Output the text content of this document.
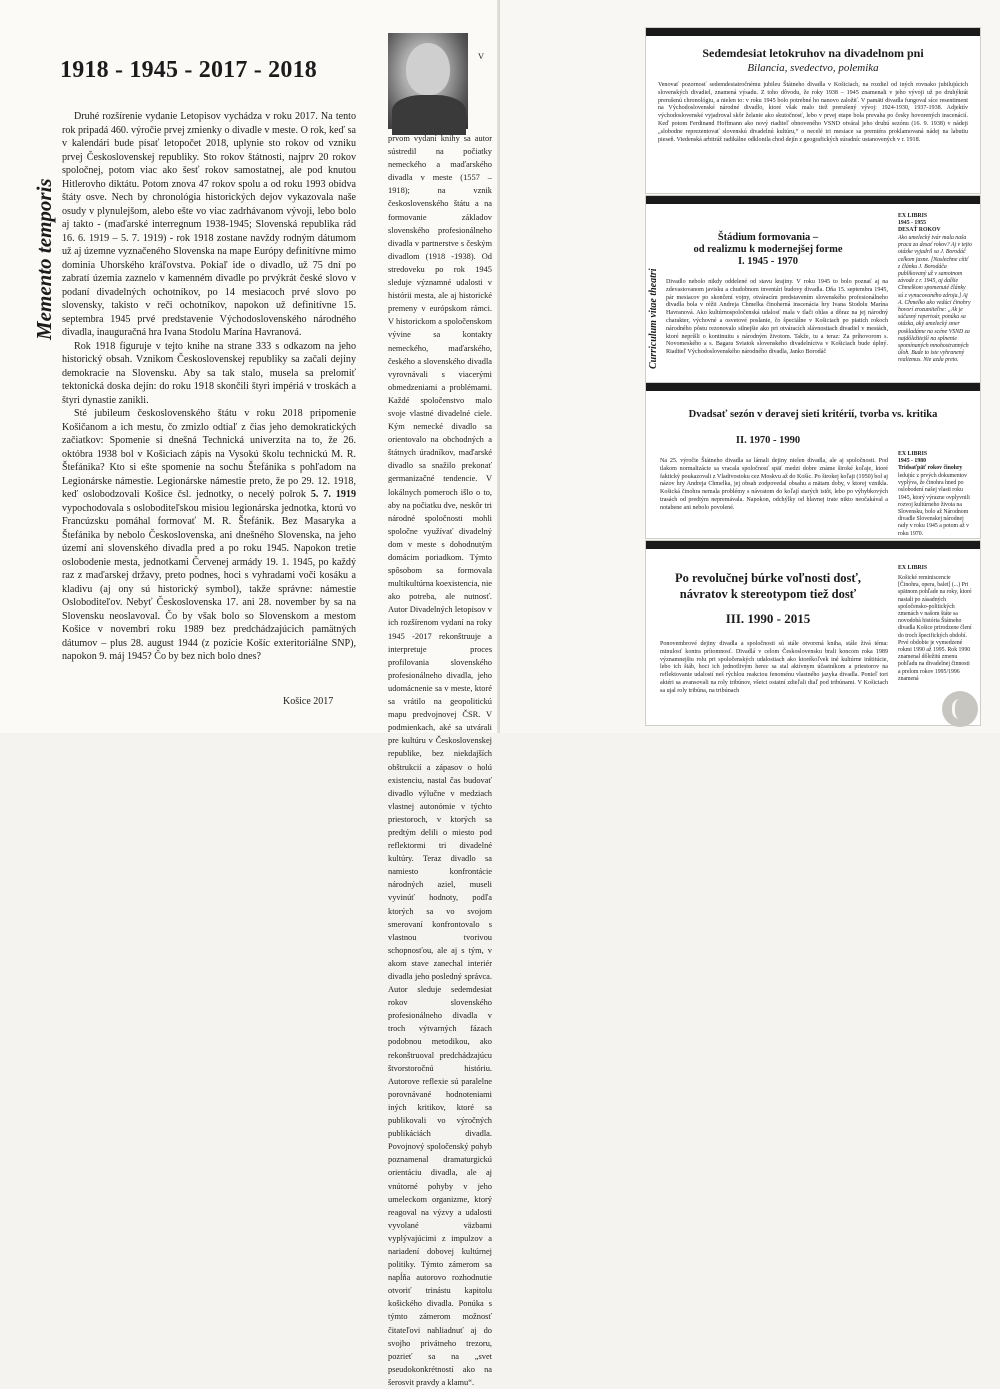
1918 - 1945 - 2017 - 2018
Memento temporis

Druhé rozšírenie vydanie Letopisov vychádza v roku 2017. Na tento rok pripadá 460. výročie prvej zmienky o divadle v meste. O rok, keď sa v kalendári bude písať letopočet 2018, uplynie sto rokov od vzniku prvej Československej republiky. Sto rokov štátnosti, najprv 20 rokov spoločnej, potom viac ako šesť rokov samostatnej, ale pod knutou Hitlerovho diktátu. Potom znova 47 rokov spolu a od roku 1993 obidva štáty osve. Nech by chronológia historických dejov vykazovala naše osudy v plynulejšom, alebo ešte vo viac zadrhávanom vývoji, lebo bolo aj takto - (maďarské interregnum 1938-1945; Slovenská republika rád 16. 6. 1919 – 5. 7. 1919) - rok 1918 zostane navždy rodným dátumom už aj územne vyznačeného Slovenska na mape Európy definitívne mimo dominia Uhorského kráľovstva. Pokiaľ ide o divadlo, už 75 dní po zabratí územia zaznelo v kamenném divadle po prvýkrát české slovo v podaní divadelných ochotníkov, po 14 mesiacoch prvé slovo po slovensky, takisto v reči ochotníkov, napokon už definitívne 15. septembra 1945 prvé predstavenie Východoslovenského národného divadla, inauguračná hra Ivana Stodolu Marína Havranová.

Rok 1918 figuruje v tejto knihe na strane 333 s odkazom na jeho historický obsah. Vznikom Československej republiky sa začali dejiny demokracie na Slovensku. Aby sa tak stalo, musela sa prelomiť tektonická doska dejín: do roku 1918 skončili štyri impériá v troskách a štyri dynastie zanikli.

Sté jubileum československého štátu v roku 2018 pripomenie Košičanom a ich mestu, čo zmizlo odtiaľ z čias jeho demokratických začiatkov: Spomenie si dnešná Technická univerzita na to, že 26. októbra 1938 bol v Košiciach zápis na Vysokú školu technickú M. R. Štefánika? Kto si ešte spomenie na sochu Štefánika s pohľadom na Legionárske námestie. Legionárske námestie preto, že po 29. 12. 1918, keď oslobodzovali Košice čsl. jednotky, o necelý polrok 5. 7. 1919 vypochodovala s osloboditeľskou misiou legionárska jednotka, ktorú vo Francúzsku pomáhal formovať M. R. Štefánik. Bez Masaryka a Štefánika by nebolo Československa, ani dnešného Slovenska, na jeho území ani slovenského divadla pred a po roku 1945. Napokon tretie oslobodenie mesta, jednotkami Červenej armády 19. 1. 1945, po každý raz z maďarskej državy, preto podnes, hoci s vyhradami voči kosáku a kladivu (aj ony sú historický symbol), takže správne: námestie Osloboditeľov. Nebyť Československa 17. ani 28. november by sa na Slovensku neoslavoval. Čo by však bolo so Slovenskom a mestom Košice v novembri roku 1989 bez predchádzajúcich pamätných dátumov – plus 28. august 1944 (z pozície Košíc exteritoriálne SNP), napokon 9. máj 1945? Čo by bez nich bolo dnes?

Košice 2017
V prvom vydaní knihy sa autor sústredil na počiatky nemeckého a maďarského divadla v meste (1557 – 1918); na vznik československého štátu a na formovanie základov slovenského profesionálneho divadla v partnerstve s českým divadlom (1918 -1938). Od stredoveku po rok 1945 sleduje významné udalosti v histórii mesta, ale aj historické premeny v európskom rámci. V historickom a spoločenskom vývine sa kontakty nemeckého, maďarského, českého a slovenského divadla vyrovnávali s viacerými obmedzeniami a problémami. Každé spoločenstvo malo svoje vlastné divadelné ciele. Kým nemecké divadlo sa orientovalo na obchodných a štátnych úradníkov, maďarské divadlo sa snažilo prekonať germanizačné tendencie. V lokálnych pomeroch išlo o to, aby na počiatku dve, neskôr tri národné spoločnosti mohli spoločne využívať divadelný dom v meste s dohodnutým domácim poriadkom. Týmto spôsobom sa formovala multikultúrna koexistencia, nie ako potreba, ale nutnosť. Autor Divadelných letopisov v ich rozšírenom vydaní na roky 1945 -2017 rekonštruuje a interpretuje proces profilovania slovenského profesionálneho divadla, jeho udomácnenie sa v meste, ktoré sa vrátilo na geopolitickú mapu predvojnovej ČSR. V podmienkach, aké sa utvárali pre kultúru v Československej republike, bez niekdajších obštrukcií a zápasov o holú existenciu, nastal čas budovať divadlo výlučne v medziach vlastnej autonómie v týchto priestoroch, v ktorých sa predtým delili o miesto pod reflektormi tri divadelné kultúry. Teraz divadlo sa namiesto konfrontácie národných aziel, museli vyvinúť hodnoty, podľa ktorých sa vo svojom smerovaní konfrontovalo s vlastnou tvorivou schopnosťou, ale aj s tým, v akom stave zanechal interiér divadla jeho posledný správca. Autor sleduje sedemdesiat rokov slovenského profesionálneho divadla v troch výtvarných fázach podobnou metodikou, ako rekonštruoval predchádzajúcu štvorstoročnú históriu. Autorove reflexie sú paralelne porovnávané hodnoteniami iných kritikov, ktoré sa publikovali vo výročných publikáciách divadla. Povojnový spoločenský pohyb poznamenal dramaturgickú orientáciu divadla, ale aj vnútorné pohyby v jeho umeleckom organizme, ktorý reagoval na výzvy a udalosti vyvolané väzbami vyplývajúcimi z impulzov a nariadení dobovej kultúrnej politiky. Týmto zámerom sa napĺňa autorovo rozhodnutie otvoriť trinástu kapitolu košického divadla. Ponúka s týmto zámerom možnosť čitateľovi nahliadnuť aj do svojho privátneho trezoru, pozrieť sa na „svet pseudokonkrétností ako na šerosvit pravdy a klamu“.
Sedemdesiat letokruhov na divadelnom pni
Bilancia, svedectvo, polemika
Venovať pozornosť sedemdesiatročnému jubileu Štátneho divadla v Košiciach, na rozdiel od iných rovnako jubilujúcich slovenských divadiel, znamená výsadu. Z toho dôvodu, že roky 1938 – 1945 znamenali v jeho vývoji už po druhýkrát prerušenú chronológiu, a nielen to: v roku 1945 bolo potrebné ho nanovo založiť. V pamäti divadla fungoval síce resentiment na Východoslovenské národné divadlo, ktoré však malo tiež prerušený vývoj: 1924-1930, 1937-1938. Adjektív východoslovenské vyjadroval skôr želanie ako skutočnosť, lebo v prvej etape bola prevaha po česky hovorených inscenácií. Keď potom Ferdinand Hoffmann ako nový riaditeľ obnoveného VSND otváral jeho druhú sezónu (16. 9. 1938) v nádeji „slobodne reprezentovať slovenskú divadelnú kultúru,“ o necelé tri mesiace sa premiéra proklamovaná nádej na labutiu pieseň. Viedenská arbitráž radikálne odklonila chod dejín z geografických súradníc ustanovených v r. 1918.
Štádium formovania –
od realizmu k modernejšej forme
I. 1945 - 1970
Curriculum vitae theatri Divadlo nebolo nikdy oddelené od stavu krajiny. V roku 1945 to bolo poznať aj na zdevastovanom javisku a chudobnom inventári budovy divadla. Dňa 15. septembra 1945, pár mesiacov po skončení vojny, otváracím predstavením slovenského profesionálneho divadla bola v réžii Andreja Chmelka činoherná inscenácia hry Ivana Stodolu Marína Havranová. Ako kultúrnospoločenská udalosť mala v tlači ohlas a dôraz na jej národný charakter, výchovné a osvetové poslanie, čo špeciálne v Košiciach po piatich rokoch národného pôstu rezonovalo silnejšie ako pri otváracích slávnostiach divadiel v mestách, ktoré nepríšli o kontinuitu s národným životom. Takže, tu a teraz: Za príhovorom s. Novomeského a s. Bagara Sviatok slovenského divadelníctva v Košiciach bude úplný. Riaditeľ Východoslovenského národného divadla, Janko Borodáč
EX LIBRIS
1945 - 1955
DESAŤ ROKOV
Ako umelecký tvár mala naša praca za desať rokov? Aj v tejto otázke vyjadril sa J. Borodáč celkom jasne. [Naslechne cítiť z článku J. Borodáča publikovaný už v samotnom závode z r. 1945, aj dalšie Chmelkom spomenuté články sú z vynucovaného zdroja.] Aj A. Chmelko ako vedúci činohry hovorí zrozumiteľne: „Ak je súčasný repertoár, ponúka sa otázka, aký umelecký smer poskladáme na scéne VSND za najdôležitejší na splnenie spomínaných mnohostranných úloh. Bude to iste vyhranený realizmus. Nie azda preto.
Dvadsať sezón v deravej sieti kritérií, tvorba vs. kritika
II. 1970 - 1990
Na 25. výročie Štátneho divadla sa lámali dejiny nielen divadla, ale aj spoločnosti. Pod tlakom normalizácie sa vracala spoločnosť späť medzi dobre známe široké koľaje, ktoré faktický poukazovali z Vladivostoku cez Moskvu až do Košíc. Po širokej koľaji (1950) bol aj názov hry Andreja Chmelka, jej obsah zodpovedal obsahu a mätam doby, v ktorej vznikla. Košická činohra nemala problémy s návratom do koľají starých istôt, lebo po výhybkových trasách od predtým nepremávala. Napokon, odchýlky od hlavnej trate nikto neočakával a notabene ani nebolo povolené.
EX LIBRIS
1945 - 1980
Tridsaťpäť rokov činohry
ledujúc z prvých dokumentov vyplýva, že činohra hned po oslobodení našej vlasti roku 1945, ktorý výrazne ovplyvnili rozvoj kultúrneho života na Slovensku, bolo až Národnom divadle Slovenskej národnej rady v roku 1945 a potom až v roku 1970.
Po revolučnej búrke voľnosti dosť,
návratov k stereotypom tiež dosť
III. 1990 - 2015
Ponovembrové dejiny divadla a spoločnosti sú stále otvorená kniha, stále živá téma: minulosť kontra prítomnosť. Divadlá v celom Československu brali koncom roka 1989 významnejšiu rolu pri spoločenských udalostiach ako ktorékoľvek iné kultúrne inštitúcie, lebo ich štáb, hoci ich jednotlivým herec sa stal aktívnym účastníkom a priestorov na reflektovanie udalostí neš rýchlou reakciou fenoménu vlastného jazyka divadla. Ponieľ tori aktéri sa avansovali na roly tribúnov, všetci ostatní zdieľali diaľ pod tribúnami. V Košiciach sa ujal roly tribúna, na tribúnach
EX LIBRIS
Košické reminiscencie [Činohra, opera, balet] (...) Pri spätnom pohľade na roky, ktoré nastali po zásadných spoločensko-politických zmenách v našom štáte sa novodobá história Štátneho divadla Košice prirodzene člení do troch špecifických období. Prvé obdobie je vymedzené rokmi 1990 až 1995. Rok 1990 znamenal dôležitú zmenu pohľadu na divadelnej činnosti a prelom rokov 1995/1996 znamená
